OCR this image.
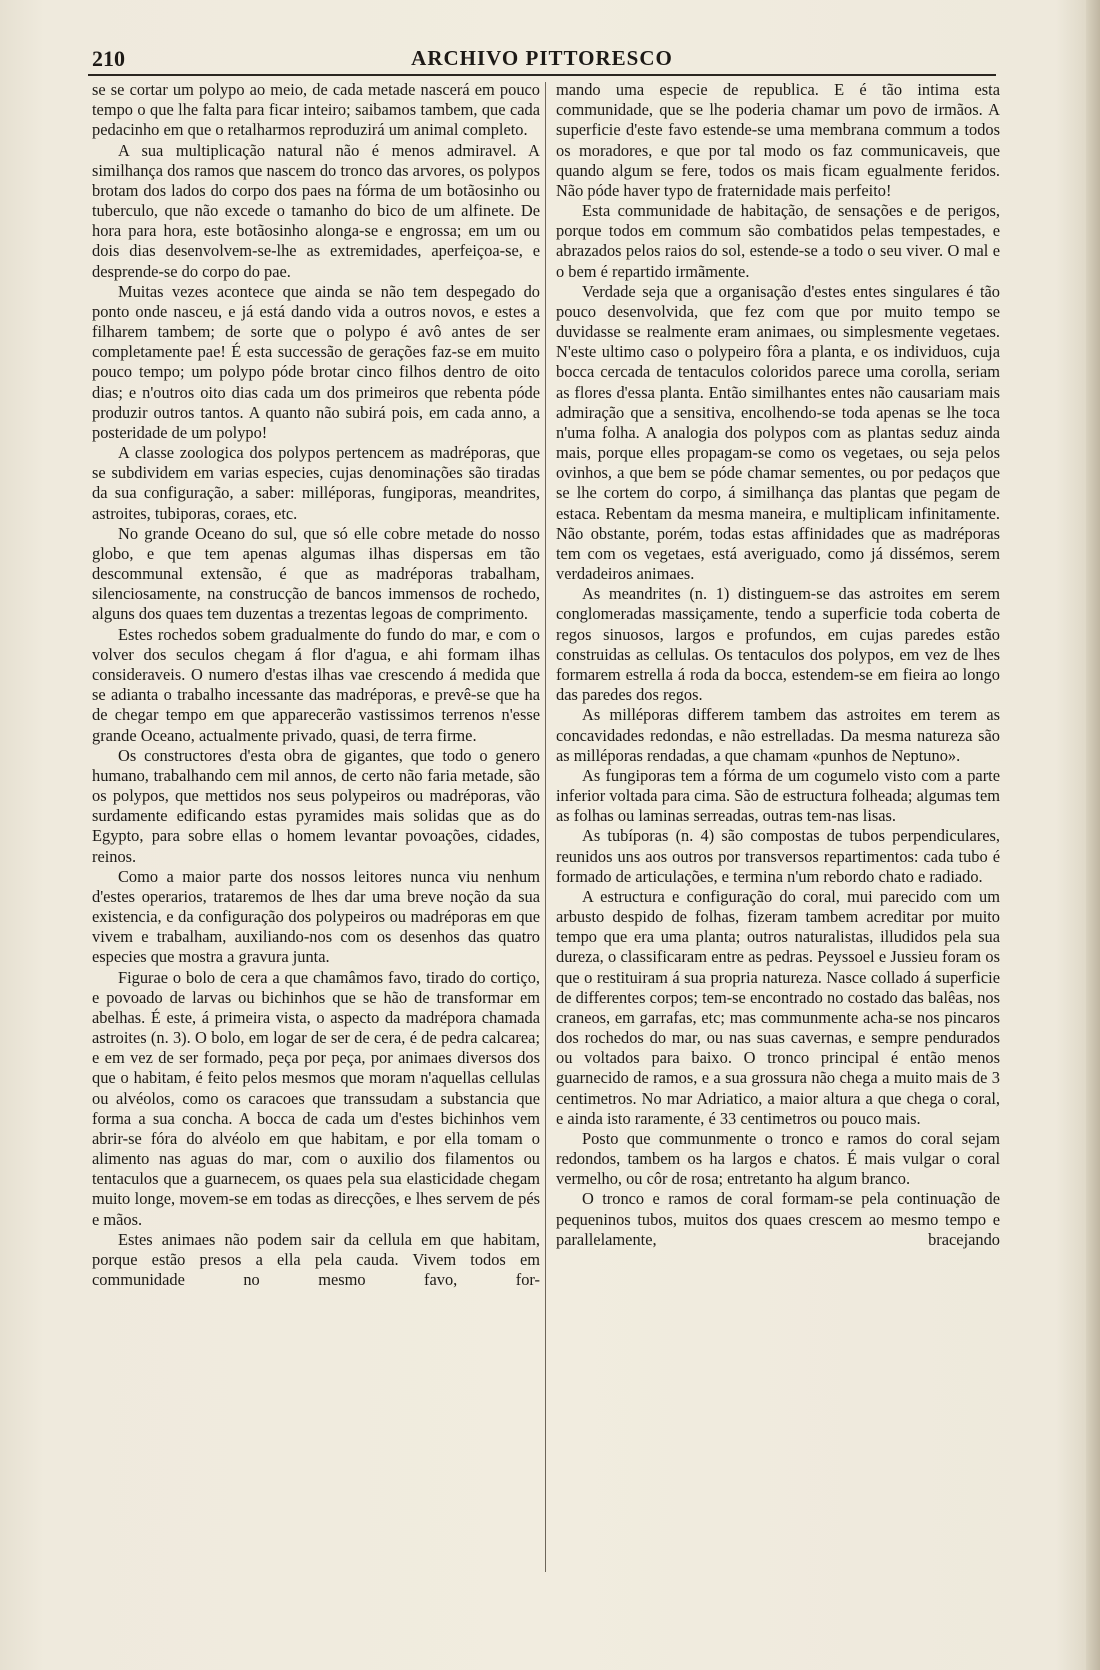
210	ARCHIVO PITTORESCO

se se cortar um polypo ao meio, de cada metade nascerá em pouco tempo o que lhe falta para ficar inteiro; saibamos tambem, que cada pedacinho em que o retalharmos reproduzirá um animal completo.

A sua multiplicação natural não é menos admiravel. A similhança dos ramos que nascem do tronco das arvores, os polypos brotam dos lados do corpo dos paes na fórma de um botãosinho ou tuberculo, que não excede o tamanho do bico de um alfinete. De hora para hora, este botãosinho alonga-se e engrossa; em um ou dois dias desenvolvem-se-lhe as extremidades, aperfeiçoa-se, e desprende-se do corpo do pae.

Muitas vezes acontece que ainda se não tem despegado do ponto onde nasceu, e já está dando vida a outros novos, e estes a filharem tambem; de sorte que o polypo é avô antes de ser completamente pae! É esta successão de gerações faz-se em muito pouco tempo; um polypo póde brotar cinco filhos dentro de oito dias; e n'outros oito dias cada um dos primeiros que rebenta póde produzir outros tantos. A quanto não subirá pois, em cada anno, a posteridade de um polypo!

A classe zoologica dos polypos pertencem as madréporas, que se subdividem em varias especies, cujas denominações são tiradas da sua configuração, a saber: milléporas, fungiporas, meandrites, astroites, tubiporas, coraes, etc.

No grande Oceano do sul, que só elle cobre metade do nosso globo, e que tem apenas algumas ilhas dispersas em tão descommunal extensão, é que as madréporas trabalham, silenciosamente, na construcção de bancos immensos de rochedo, alguns dos quaes tem duzentas a trezentas legoas de comprimento.

Estes rochedos sobem gradualmente do fundo do mar, e com o volver dos seculos chegam á flor d'agua, e ahi formam ilhas consideraveis. O numero d'estas ilhas vae crescendo á medida que se adianta o trabalho incessante das madréporas, e prevê-se que ha de chegar tempo em que apparecerão vastissimos terrenos n'esse grande Oceano, actualmente privado, quasi, de terra firme.

Os constructores d'esta obra de gigantes, que todo o genero humano, trabalhando cem mil annos, de certo não faria metade, são os polypos, que mettidos nos seus polypeiros ou madréporas, vão surdamente edificando estas pyramides mais solidas que as do Egypto, para sobre ellas o homem levantar povoações, cidades, reinos.

Como a maior parte dos nossos leitores nunca viu nenhum d'estes operarios, trataremos de lhes dar uma breve noção da sua existencia, e da configuração dos polypeiros ou madréporas em que vivem e trabalham, auxiliando-nos com os desenhos das quatro especies que mostra a gravura junta.

Figurae o bolo de cera a que chamâmos favo, tirado do cortiço, e povoado de larvas ou bichinhos que se hão de transformar em abelhas. É este, á primeira vista, o aspecto da madrépora chamada astroites (n. 3). O bolo, em logar de ser de cera, é de pedra calcarea; e em vez de ser formado, peça por peça, por animaes diversos dos que o habitam, é feito pelos mesmos que moram n'aquellas cellulas ou alvéolos, como os caracoes que transsudam a substancia que forma a sua concha. A bocca de cada um d'estes bichinhos vem abrir-se fóra do alvéolo em que habitam, e por ella tomam o alimento nas aguas do mar, com o auxilio dos filamentos ou tentaculos que a guarnecem, os quaes pela sua elasticidade chegam muito longe, movem-se em todas as direcções, e lhes servem de pés e mãos.

Estes animaes não podem sair da cellula em que habitam, porque estão presos a ella pela cauda. Vivem todos em communidade no mesmo favo, for-

mando uma especie de republica. E é tão intima esta communidade, que se lhe poderia chamar um povo de irmãos. A superficie d'este favo estende-se uma membrana commum a todos os moradores, e que por tal modo os faz communicaveis, que quando algum se fere, todos os mais ficam egualmente feridos. Não póde haver typo de fraternidade mais perfeito!

Esta communidade de habitação, de sensações e de perigos, porque todos em commum são combatidos pelas tempestades, e abrazados pelos raios do sol, estende-se a todo o seu viver. O mal e o bem é repartido irmãmente.

Verdade seja que a organisação d'estes entes singulares é tão pouco desenvolvida, que fez com que por muito tempo se duvidasse se realmente eram animaes, ou simplesmente vegetaes. N'este ultimo caso o polypeiro fôra a planta, e os individuos, cuja bocca cercada de tentaculos coloridos parece uma corolla, seriam as flores d'essa planta. Então similhantes entes não causariam mais admiração que a sensitiva, encolhendo-se toda apenas se lhe toca n'uma folha. A analogia dos polypos com as plantas seduz ainda mais, porque elles propagam-se como os vegetaes, ou seja pelos ovinhos, a que bem se póde chamar sementes, ou por pedaços que se lhe cortem do corpo, á similhança das plantas que pegam de estaca. Rebentam da mesma maneira, e multiplicam infinitamente. Não obstante, porém, todas estas affinidades que as madréporas tem com os vegetaes, está averiguado, como já dissémos, serem verdadeiros animaes.

As meandrites (n. 1) distinguem-se das astroites em serem conglomeradas massiçamente, tendo a superficie toda coberta de regos sinuosos, largos e profundos, em cujas paredes estão construidas as cellulas. Os tentaculos dos polypos, em vez de lhes formarem estrella á roda da bocca, estendem-se em fieira ao longo das paredes dos regos.

As milléporas differem tambem das astroites em terem as concavidades redondas, e não estrelladas. Da mesma natureza são as milléporas rendadas, a que chamam «punhos de Neptuno».

As fungiporas tem a fórma de um cogumelo visto com a parte inferior voltada para cima. São de estructura folheada; algumas tem as folhas ou laminas serreadas, outras tem-nas lisas.

As tubíporas (n. 4) são compostas de tubos perpendiculares, reunidos uns aos outros por transversos repartimentos: cada tubo é formado de articulações, e termina n'um rebordo chato e radiado.

A estructura e configuração do coral, mui parecido com um arbusto despido de folhas, fizeram tambem acreditar por muito tempo que era uma planta; outros naturalistas, illudidos pela sua dureza, o classificaram entre as pedras. Peyssoel e Jussieu foram os que o restituiram á sua propria natureza. Nasce collado á superficie de differentes corpos; tem-se encontrado no costado das balêas, nos craneos, em garrafas, etc; mas communmente acha-se nos pincaros dos rochedos do mar, ou nas suas cavernas, e sempre pendurados ou voltados para baixo. O tronco principal é então menos guarnecido de ramos, e a sua grossura não chega a muito mais de 3 centimetros. No mar Adriatico, a maior altura a que chega o coral, e ainda isto raramente, é 33 centimetros ou pouco mais.

Posto que communmente o tronco e ramos do coral sejam redondos, tambem os ha largos e chatos. É mais vulgar o coral vermelho, ou côr de rosa; entretanto ha algum branco.

O tronco e ramos de coral formam-se pela continuação de pequeninos tubos, muitos dos quaes crescem ao mesmo tempo e parallelamente, bracejando
